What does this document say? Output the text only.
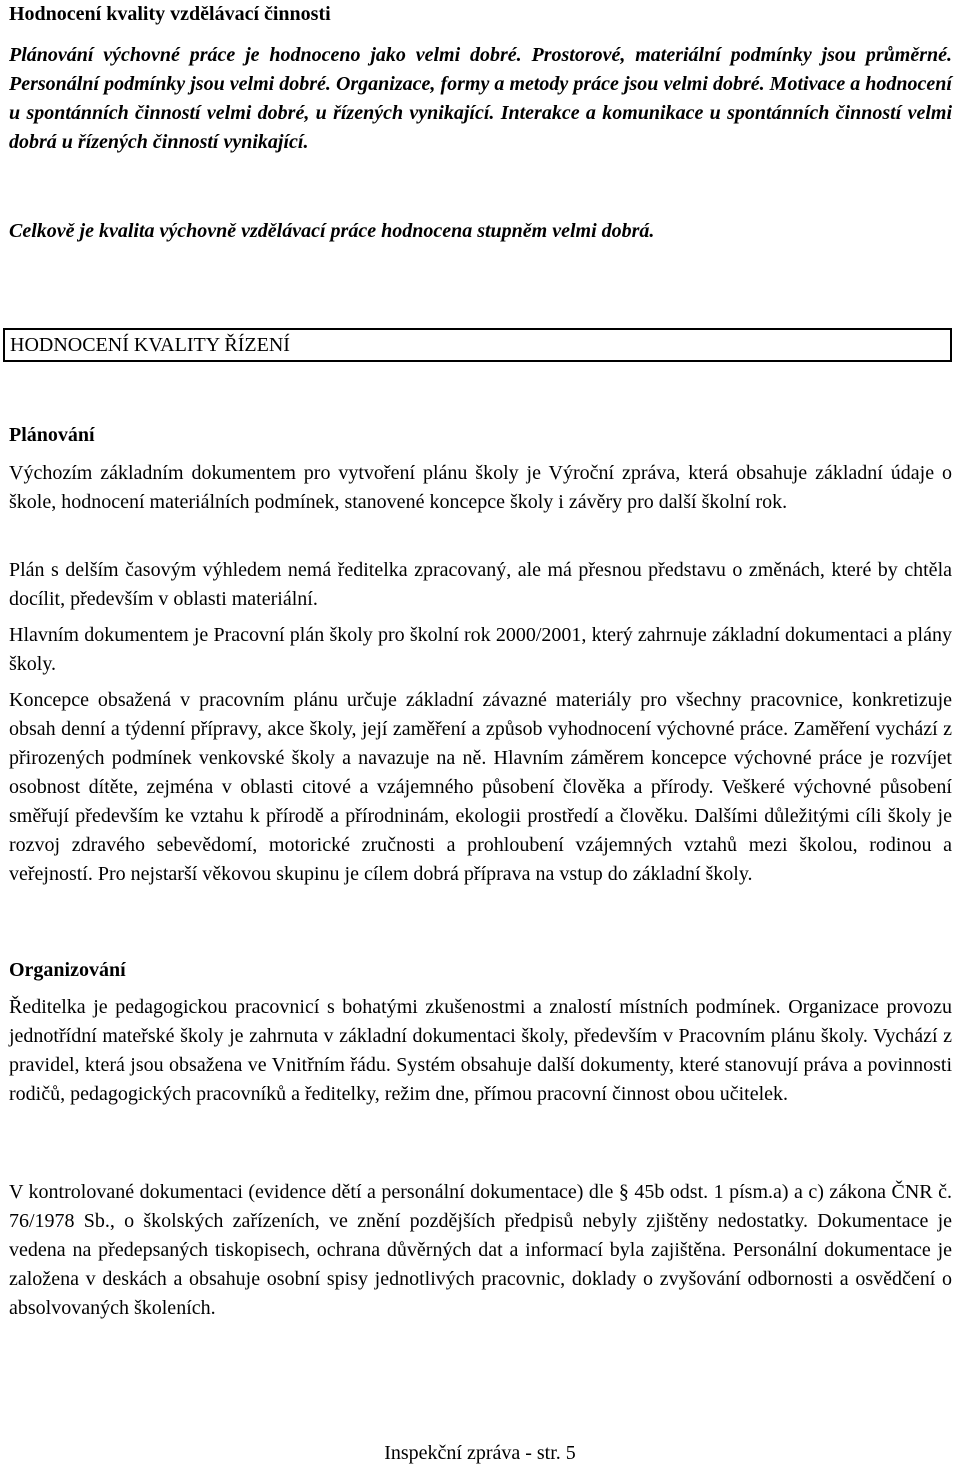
Hodnocení kvality vzdělávací činnosti

Plánování výchovné práce je hodnoceno jako velmi dobré. Prostorové, materiální podmínky jsou průměrné. Personální podmínky jsou velmi dobré. Organizace, formy a metody práce jsou velmi dobré. Motivace a hodnocení u spontánních činností velmi dobré, u řízených vynikající. Interakce a komunikace u spontánních činností velmi dobrá u řízených činností vynikající.

Celkově je kvalita výchovně vzdělávací práce hodnocena stupněm velmi dobrá.

HODNOCENÍ KVALITY ŘÍZENÍ
Plánování

Výchozím základním dokumentem pro vytvoření plánu školy je Výroční zpráva, která obsahuje základní údaje o škole, hodnocení materiálních podmínek, stanovené koncepce školy i závěry pro další školní rok.

Plán s delším časovým výhledem nemá ředitelka zpracovaný, ale má přesnou představu o změnách, které by chtěla docílit, především v oblasti materiální.

Hlavním dokumentem je Pracovní plán školy pro školní rok 2000/2001, který zahrnuje základní dokumentaci a plány školy.

Koncepce obsažená v pracovním plánu určuje základní závazné materiály pro všechny pracovnice, konkretizuje obsah denní a týdenní přípravy, akce školy, její zaměření a způsob vyhodnocení výchovné práce. Zaměření vychází z přirozených podmínek venkovské školy a navazuje na ně. Hlavním záměrem koncepce výchovné práce je rozvíjet osobnost dítěte, zejména v oblasti citové a vzájemného působení člověka a přírody. Veškeré výchovné působení směřují především ke vztahu k přírodě a přírodninám, ekologii prostředí a člověku. Dalšími důležitými cíli školy je rozvoj zdravého sebevědomí, motorické zručnosti a prohloubení vzájemných vztahů mezi školou, rodinou a veřejností. Pro nejstarší věkovou skupinu je cílem dobrá příprava na vstup do základní školy.

Organizování

Ředitelka je pedagogickou pracovnicí s bohatými zkušenostmi a znalostí místních podmínek. Organizace provozu jednotřídní mateřské školy je zahrnuta v základní dokumentaci školy, především v Pracovním plánu školy. Vychází z pravidel, která jsou obsažena ve Vnitřním řádu. Systém obsahuje další dokumenty, které stanovují práva a povinnosti rodičů, pedagogických pracovníků a ředitelky, režim dne, přímou pracovní činnost obou učitelek.

V kontrolované dokumentaci (evidence dětí a personální dokumentace) dle § 45b odst. 1 písm.a) a c) zákona ČNR č. 76/1978 Sb., o školských zařízeních, ve znění pozdějších předpisů nebyly zjištěny nedostatky. Dokumentace je vedena na předepsaných tiskopisech, ochrana důvěrných dat a informací byla zajištěna. Personální dokumentace je založena v deskách a obsahuje osobní spisy jednotlivých pracovnic, doklady o zvyšování odbornosti a osvědčení o absolvovaných školeních.

Inspekční zpráva - str. 5
